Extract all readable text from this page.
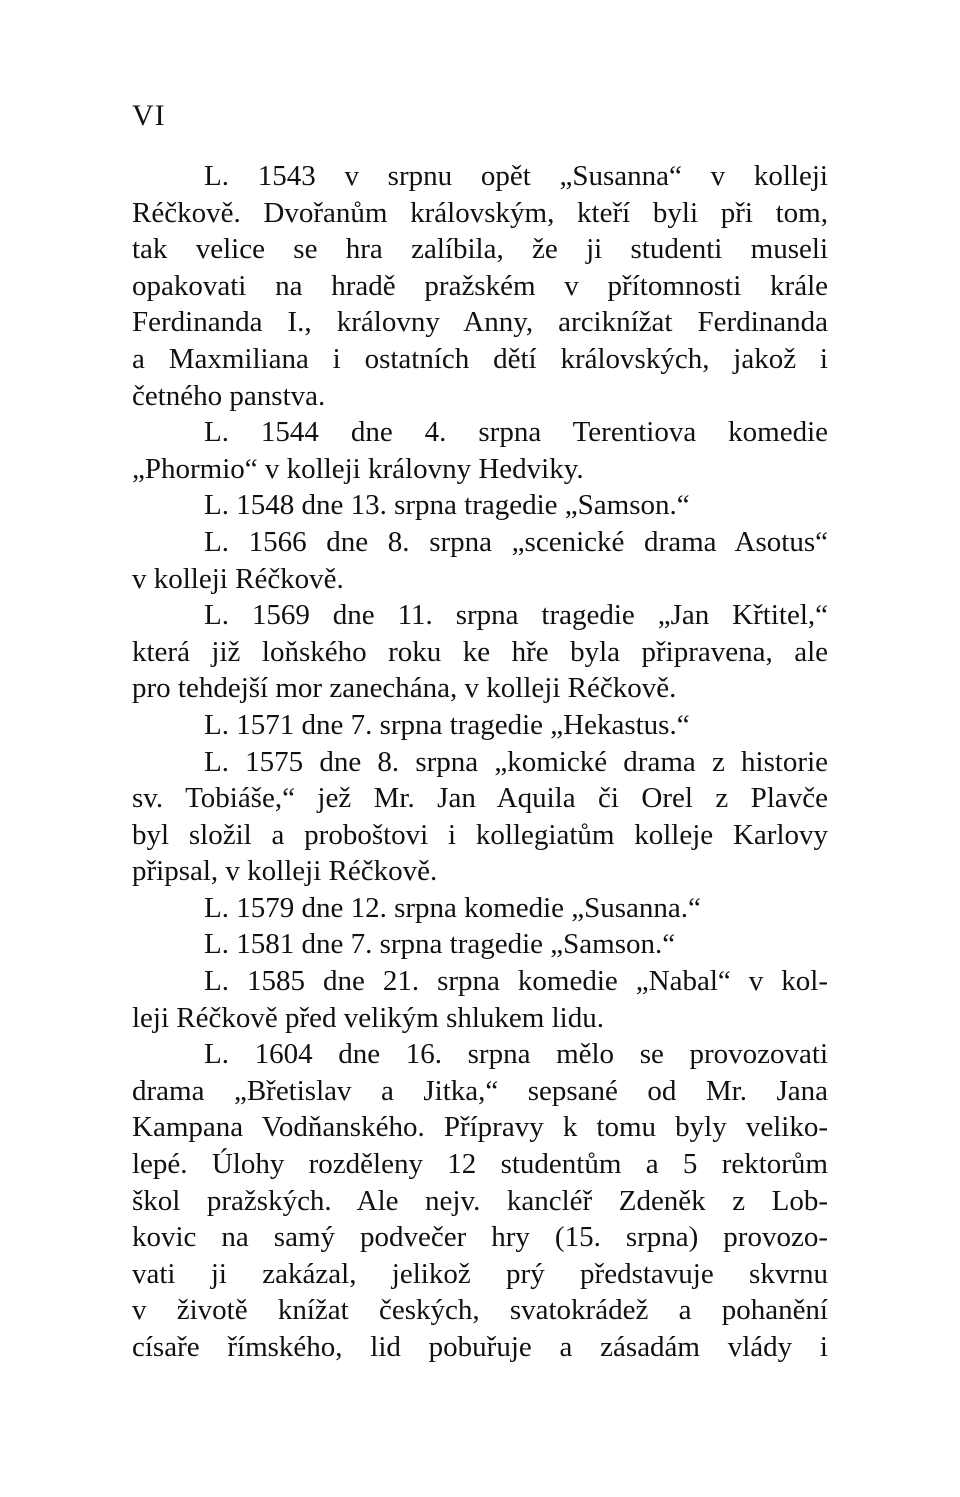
VI
L. 1543 v srpnu opět „Susanna“ v kolleji
Réčkově. Dvořanům královským, kteří byli při tom,
tak velice se hra zalíbila, že ji studenti museli
opakovati na hradě pražském v přítomnosti krále
Ferdinanda I., královny Anny, arciknížat Ferdinanda
a Maxmiliana i ostatních dětí královských, jakož i
četného panstva.
L. 1544 dne 4. srpna Terentiova komedie
„Phormio“ v kolleji královny Hedviky.
L. 1548 dne 13. srpna tragedie „Samson.“
L. 1566 dne 8. srpna „scenické drama Asotus“
v kolleji Réčkově.
L. 1569 dne 11. srpna tragedie „Jan Křtitel,“
která již loňského roku ke hře byla připravena, ale
pro tehdejší mor zanechána, v kolleji Réčkově.
L. 1571 dne 7. srpna tragedie „Hekastus.“
L. 1575 dne 8. srpna „komické drama z historie
sv. Tobiáše,“ jež Mr. Jan Aquila či Orel z Plavče
byl složil a proboštovi i kollegiatům kolleje Karlovy
připsal, v kolleji Réčkově.
L. 1579 dne 12. srpna komedie „Susanna.“
L. 1581 dne 7. srpna tragedie „Samson.“
L. 1585 dne 21. srpna komedie „Nabal“ v kol-
leji Réčkově před velikým shlukem lidu.
L. 1604 dne 16. srpna mělo se provozovati
drama „Břetislav a Jitka,“ sepsané od Mr. Jana
Kampana Vodňanského. Přípravy k tomu byly veliko-
lepé. Úlohy rozděleny 12 studentům a 5 rektorům
škol pražských. Ale nejv. kancléř Zdeněk z Lob-
kovic na samý podvečer hry (15. srpna) provozo-
vati ji zakázal, jelikož prý představuje skvrnu
v životě knížat českých, svatokrádež a pohanění
císaře římského, lid pobuřuje a zásadám vlády i
